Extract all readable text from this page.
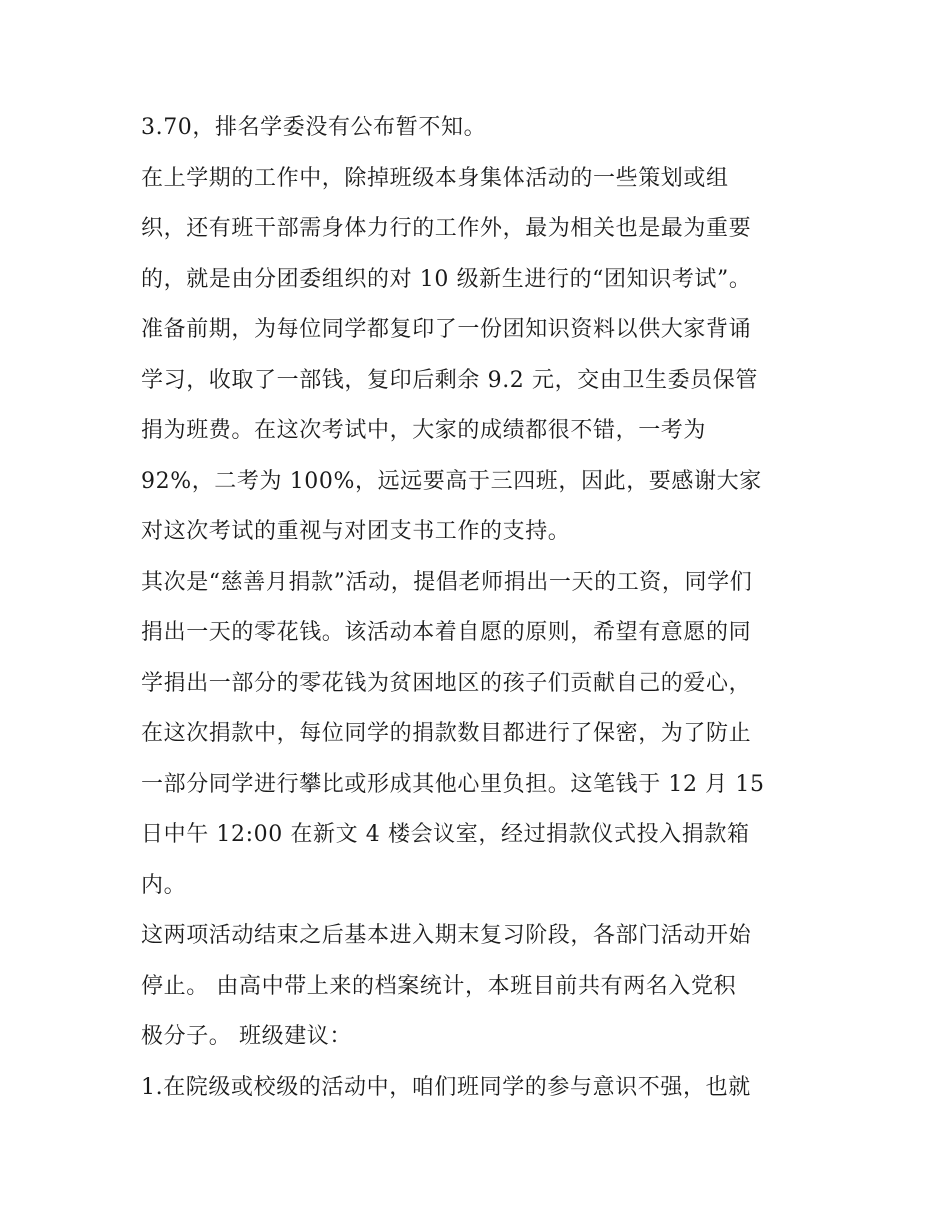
3.70，排名学委没有公布暂不知。
在上学期的工作中，除掉班级本身集体活动的一些策划或组
织，还有班干部需身体力行的工作外，最为相关也是最为重要
的，就是由分团委组织的对 10 级新生进行的“团知识考试”。
准备前期，为每位同学都复印了一份团知识资料以供大家背诵
学习，收取了一部钱，复印后剩余 9.2 元，交由卫生委员保管
捐为班费。在这次考试中，大家的成绩都很不错，一考为
92%，二考为 100%，远远要高于三四班，因此，要感谢大家
对这次考试的重视与对团支书工作的支持。
其次是“慈善月捐款”活动，提倡老师捐出一天的工资，同学们
捐出一天的零花钱。该活动本着自愿的原则，希望有意愿的同
学捐出一部分的零花钱为贫困地区的孩子们贡献自己的爱心，
在这次捐款中，每位同学的捐款数目都进行了保密，为了防止
一部分同学进行攀比或形成其他心里负担。这笔钱于 12 月 15
日中午 12:00 在新文 4 楼会议室，经过捐款仪式投入捐款箱
内。
这两项活动结束之后基本进入期末复习阶段，各部门活动开始
停止。 由高中带上来的档案统计，本班目前共有两名入党积
极分子。 班级建议：
1.在院级或校级的活动中，咱们班同学的参与意识不强，也就
